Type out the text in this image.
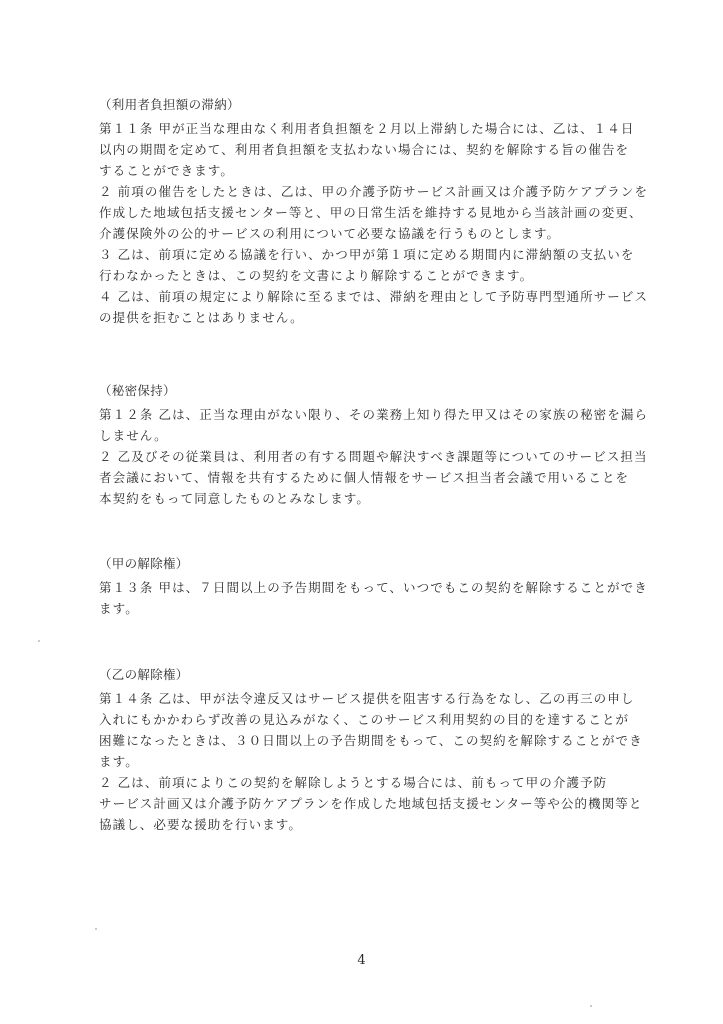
（利用者負担額の滞納）
第１１条 甲が正当な理由なく利用者負担額を２月以上滞納した場合には、乙は、１４日
以内の期間を定めて、利用者負担額を支払わない場合には、契約を解除する旨の催告を
することができます。
２ 前項の催告をしたときは、乙は、甲の介護予防サービス計画又は介護予防ケアプランを
作成した地域包括支援センター等と、甲の日常生活を維持する見地から当該計画の変更、
介護保険外の公的サービスの利用について必要な協議を行うものとします。
３ 乙は、前項に定める協議を行い、かつ甲が第１項に定める期間内に滞納額の支払いを
行わなかったときは、この契約を文書により解除することができます。
４ 乙は、前項の規定により解除に至るまでは、滞納を理由として予防専門型通所サービス
の提供を拒むことはありません。
（秘密保持）
第１２条 乙は、正当な理由がない限り、その業務上知り得た甲又はその家族の秘密を漏ら
しません。
２ 乙及びその従業員は、利用者の有する問題や解決すべき課題等についてのサービス担当
者会議において、情報を共有するために個人情報をサービス担当者会議で用いることを
本契約をもって同意したものとみなします。
（甲の解除権）
第１３条 甲は、７日間以上の予告期間をもって、いつでもこの契約を解除することができ
ます。
（乙の解除権）
第１４条 乙は、甲が法令違反又はサービス提供を阻害する行為をなし、乙の再三の申し
入れにもかかわらず改善の見込みがなく、このサービス利用契約の目的を達することが
困難になったときは、３０日間以上の予告期間をもって、この契約を解除することができ
ます。
２ 乙は、前項によりこの契約を解除しようとする場合には、前もって甲の介護予防
サービス計画又は介護予防ケアプランを作成した地域包括支援センター等や公的機関等と
協議し、必要な援助を行います。
4
